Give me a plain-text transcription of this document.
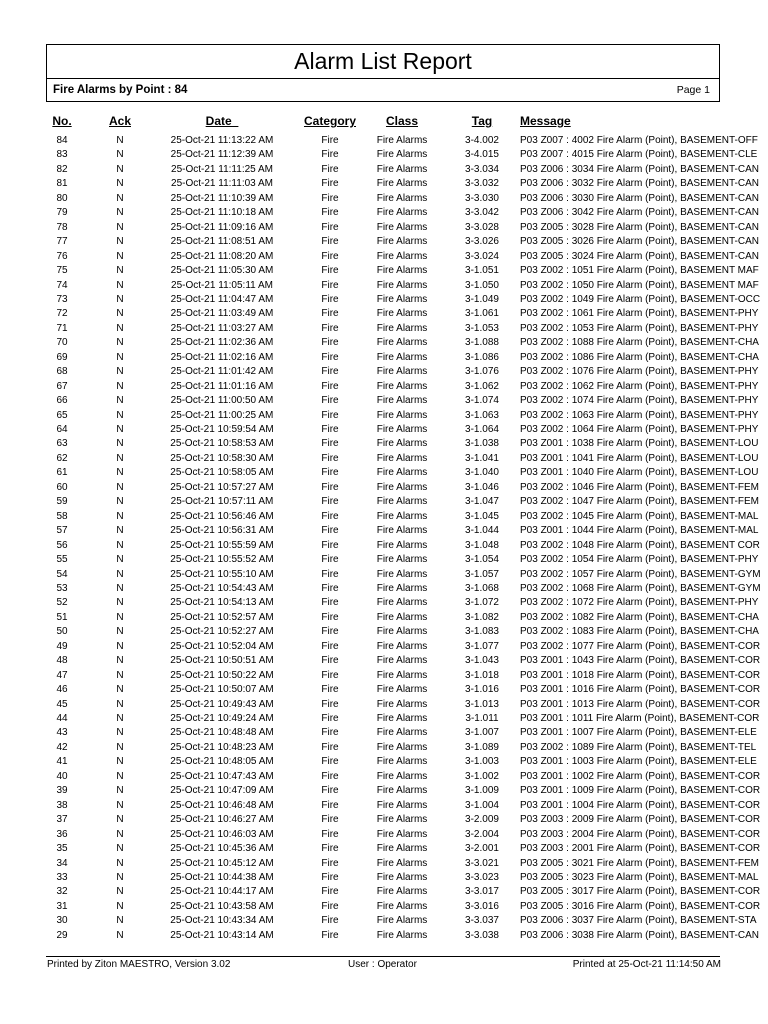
Alarm List Report
Fire Alarms by Point : 84	Page 1
No.	Ack	Date_	Category	Class	Tag	Message
84	N	25-Oct-21 11:13:22 AM	Fire	Fire Alarms	3-4.002	P03 Z007 : 4002 Fire Alarm (Point), BASEMENT-OFF
83	N	25-Oct-21 11:12:39 AM	Fire	Fire Alarms	3-4.015	P03 Z007 : 4015 Fire Alarm (Point), BASEMENT-CLE
82	N	25-Oct-21 11:11:25 AM	Fire	Fire Alarms	3-3.034	P03 Z006 : 3034 Fire Alarm (Point), BASEMENT-CAN
81	N	25-Oct-21 11:11:03 AM	Fire	Fire Alarms	3-3.032	P03 Z006 : 3032 Fire Alarm (Point), BASEMENT-CAN
80	N	25-Oct-21 11:10:39 AM	Fire	Fire Alarms	3-3.030	P03 Z006 : 3030 Fire Alarm (Point), BASEMENT-CAN
79	N	25-Oct-21 11:10:18 AM	Fire	Fire Alarms	3-3.042	P03 Z006 : 3042 Fire Alarm (Point), BASEMENT-CAN
78	N	25-Oct-21 11:09:16 AM	Fire	Fire Alarms	3-3.028	P03 Z005 : 3028 Fire Alarm (Point), BASEMENT-CAN
77	N	25-Oct-21 11:08:51 AM	Fire	Fire Alarms	3-3.026	P03 Z005 : 3026 Fire Alarm (Point), BASEMENT-CAN
76	N	25-Oct-21 11:08:20 AM	Fire	Fire Alarms	3-3.024	P03 Z005 : 3024 Fire Alarm (Point), BASEMENT-CAN
75	N	25-Oct-21 11:05:30 AM	Fire	Fire Alarms	3-1.051	P03 Z002 : 1051 Fire Alarm (Point), BASEMENT MAF
74	N	25-Oct-21 11:05:11 AM	Fire	Fire Alarms	3-1.050	P03 Z002 : 1050 Fire Alarm (Point), BASEMENT MAF
73	N	25-Oct-21 11:04:47 AM	Fire	Fire Alarms	3-1.049	P03 Z002 : 1049 Fire Alarm (Point), BASEMENT-OCC
72	N	25-Oct-21 11:03:49 AM	Fire	Fire Alarms	3-1.061	P03 Z002 : 1061 Fire Alarm (Point), BASEMENT-PHY
71	N	25-Oct-21 11:03:27 AM	Fire	Fire Alarms	3-1.053	P03 Z002 : 1053 Fire Alarm (Point), BASEMENT-PHY
70	N	25-Oct-21 11:02:36 AM	Fire	Fire Alarms	3-1.088	P03 Z002 : 1088 Fire Alarm (Point), BASEMENT-CHA
69	N	25-Oct-21 11:02:16 AM	Fire	Fire Alarms	3-1.086	P03 Z002 : 1086 Fire Alarm (Point), BASEMENT-CHA
68	N	25-Oct-21 11:01:42 AM	Fire	Fire Alarms	3-1.076	P03 Z002 : 1076 Fire Alarm (Point), BASEMENT-PHY
67	N	25-Oct-21 11:01:16 AM	Fire	Fire Alarms	3-1.062	P03 Z002 : 1062 Fire Alarm (Point), BASEMENT-PHY
66	N	25-Oct-21 11:00:50 AM	Fire	Fire Alarms	3-1.074	P03 Z002 : 1074 Fire Alarm (Point), BASEMENT-PHY
65	N	25-Oct-21 11:00:25 AM	Fire	Fire Alarms	3-1.063	P03 Z002 : 1063 Fire Alarm (Point), BASEMENT-PHY
64	N	25-Oct-21 10:59:54 AM	Fire	Fire Alarms	3-1.064	P03 Z002 : 1064 Fire Alarm (Point), BASEMENT-PHY
63	N	25-Oct-21 10:58:53 AM	Fire	Fire Alarms	3-1.038	P03 Z001 : 1038 Fire Alarm (Point), BASEMENT-LOU
62	N	25-Oct-21 10:58:30 AM	Fire	Fire Alarms	3-1.041	P03 Z001 : 1041 Fire Alarm (Point), BASEMENT-LOU
61	N	25-Oct-21 10:58:05 AM	Fire	Fire Alarms	3-1.040	P03 Z001 : 1040 Fire Alarm (Point), BASEMENT-LOU
60	N	25-Oct-21 10:57:27 AM	Fire	Fire Alarms	3-1.046	P03 Z002 : 1046 Fire Alarm (Point), BASEMENT-FEM
59	N	25-Oct-21 10:57:11 AM	Fire	Fire Alarms	3-1.047	P03 Z002 : 1047 Fire Alarm (Point), BASEMENT-FEM
58	N	25-Oct-21 10:56:46 AM	Fire	Fire Alarms	3-1.045	P03 Z002 : 1045 Fire Alarm (Point), BASEMENT-MAL
57	N	25-Oct-21 10:56:31 AM	Fire	Fire Alarms	3-1.044	P03 Z001 : 1044 Fire Alarm (Point), BASEMENT-MAL
56	N	25-Oct-21 10:55:59 AM	Fire	Fire Alarms	3-1.048	P03 Z002 : 1048 Fire Alarm (Point), BASEMENT COR
55	N	25-Oct-21 10:55:52 AM	Fire	Fire Alarms	3-1.054	P03 Z002 : 1054 Fire Alarm (Point), BASEMENT-PHY
54	N	25-Oct-21 10:55:10 AM	Fire	Fire Alarms	3-1.057	P03 Z002 : 1057 Fire Alarm (Point), BASEMENT-GYM
53	N	25-Oct-21 10:54:43 AM	Fire	Fire Alarms	3-1.068	P03 Z002 : 1068 Fire Alarm (Point), BASEMENT-GYM
52	N	25-Oct-21 10:54:13 AM	Fire	Fire Alarms	3-1.072	P03 Z002 : 1072 Fire Alarm (Point), BASEMENT-PHY
51	N	25-Oct-21 10:52:57 AM	Fire	Fire Alarms	3-1.082	P03 Z002 : 1082 Fire Alarm (Point), BASEMENT-CHA
50	N	25-Oct-21 10:52:27 AM	Fire	Fire Alarms	3-1.083	P03 Z002 : 1083 Fire Alarm (Point), BASEMENT-CHA
49	N	25-Oct-21 10:52:04 AM	Fire	Fire Alarms	3-1.077	P03 Z002 : 1077 Fire Alarm (Point), BASEMENT-COR
48	N	25-Oct-21 10:50:51 AM	Fire	Fire Alarms	3-1.043	P03 Z001 : 1043 Fire Alarm (Point), BASEMENT-COR
47	N	25-Oct-21 10:50:22 AM	Fire	Fire Alarms	3-1.018	P03 Z001 : 1018 Fire Alarm (Point), BASEMENT-COR
46	N	25-Oct-21 10:50:07 AM	Fire	Fire Alarms	3-1.016	P03 Z001 : 1016 Fire Alarm (Point), BASEMENT-COR
45	N	25-Oct-21 10:49:43 AM	Fire	Fire Alarms	3-1.013	P03 Z001 : 1013 Fire Alarm (Point), BASEMENT-COR
44	N	25-Oct-21 10:49:24 AM	Fire	Fire Alarms	3-1.011	P03 Z001 : 1011 Fire Alarm (Point), BASEMENT-COR
43	N	25-Oct-21 10:48:48 AM	Fire	Fire Alarms	3-1.007	P03 Z001 : 1007 Fire Alarm (Point), BASEMENT-ELE
42	N	25-Oct-21 10:48:23 AM	Fire	Fire Alarms	3-1.089	P03 Z002 : 1089 Fire Alarm (Point), BASEMENT-TEL
41	N	25-Oct-21 10:48:05 AM	Fire	Fire Alarms	3-1.003	P03 Z001 : 1003 Fire Alarm (Point), BASEMENT-ELE
40	N	25-Oct-21 10:47:43 AM	Fire	Fire Alarms	3-1.002	P03 Z001 : 1002 Fire Alarm (Point), BASEMENT-COR
39	N	25-Oct-21 10:47:09 AM	Fire	Fire Alarms	3-1.009	P03 Z001 : 1009 Fire Alarm (Point), BASEMENT-COR
38	N	25-Oct-21 10:46:48 AM	Fire	Fire Alarms	3-1.004	P03 Z001 : 1004 Fire Alarm (Point), BASEMENT-COR
37	N	25-Oct-21 10:46:27 AM	Fire	Fire Alarms	3-2.009	P03 Z003 : 2009 Fire Alarm (Point), BASEMENT-COR
36	N	25-Oct-21 10:46:03 AM	Fire	Fire Alarms	3-2.004	P03 Z003 : 2004 Fire Alarm (Point), BASEMENT-COR
35	N	25-Oct-21 10:45:36 AM	Fire	Fire Alarms	3-2.001	P03 Z003 : 2001 Fire Alarm (Point), BASEMENT-COR
34	N	25-Oct-21 10:45:12 AM	Fire	Fire Alarms	3-3.021	P03 Z005 : 3021 Fire Alarm (Point), BASEMENT-FEM
33	N	25-Oct-21 10:44:38 AM	Fire	Fire Alarms	3-3.023	P03 Z005 : 3023 Fire Alarm (Point), BASEMENT-MAL
32	N	25-Oct-21 10:44:17 AM	Fire	Fire Alarms	3-3.017	P03 Z005 : 3017 Fire Alarm (Point), BASEMENT-COR
31	N	25-Oct-21 10:43:58 AM	Fire	Fire Alarms	3-3.016	P03 Z005 : 3016 Fire Alarm (Point), BASEMENT-COR
30	N	25-Oct-21 10:43:34 AM	Fire	Fire Alarms	3-3.037	P03 Z006 : 3037 Fire Alarm (Point), BASEMENT-STA
29	N	25-Oct-21 10:43:14 AM	Fire	Fire Alarms	3-3.038	P03 Z006 : 3038 Fire Alarm (Point), BASEMENT-CAN
Printed by Ziton MAESTRO, Version 3.02	User : Operator	Printed at 25-Oct-21 11:14:50 AM
